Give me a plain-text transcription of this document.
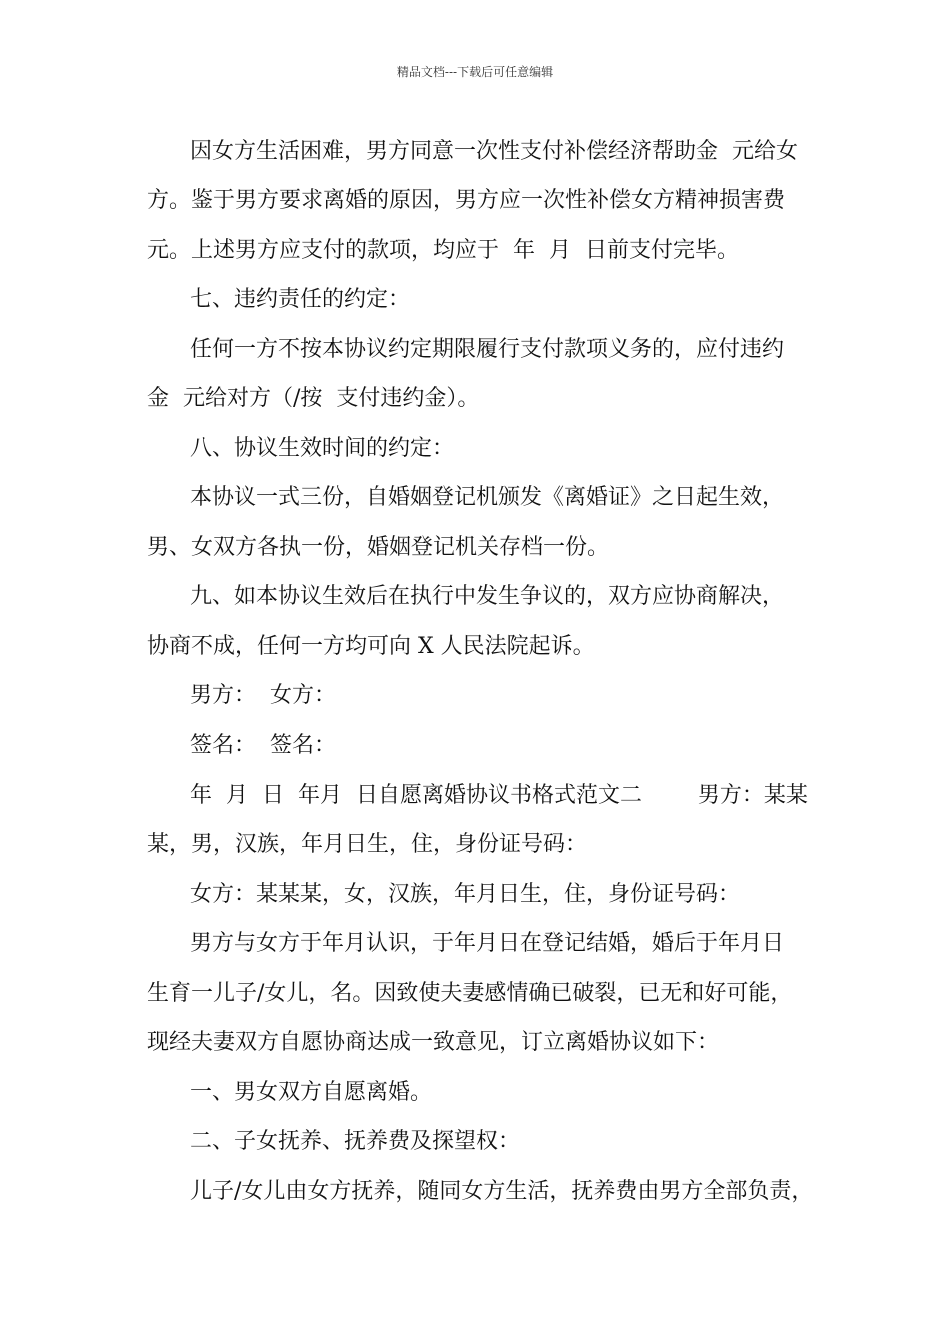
精品文档---下载后可任意编辑
因女方生活困难，男方同意一次性支付补偿经济帮助金  元给女
方。鉴于男方要求离婚的原因，男方应一次性补偿女方精神损害费
元。上述男方应支付的款项，均应于  年  月  日前支付完毕。
七、违约责任的约定：
任何一方不按本协议约定期限履行支付款项义务的，应付违约
金  元给对方（/按  支付违约金）。
八、协议生效时间的约定：
本协议一式三份，自婚姻登记机颁发《离婚证》之日起生效，
男、女双方各执一份，婚姻登记机关存档一份。
九、如本协议生效后在执行中发生争议的，双方应协商解决，
协商不成，任何一方均可向 X 人民法院起诉。
男方：  女方：
签名：  签名：
年  月  日  年月  日自愿离婚协议书格式范文二        男方：某某
某，男，汉族，年月日生，住，身份证号码：
女方：某某某，女，汉族，年月日生，住，身份证号码：
男方与女方于年月认识，于年月日在登记结婚，婚后于年月日
生育一儿子/女儿，名。因致使夫妻感情确已破裂，已无和好可能，
现经夫妻双方自愿协商达成一致意见，订立离婚协议如下：
一、男女双方自愿离婚。
二、子女抚养、抚养费及探望权：
儿子/女儿由女方抚养，随同女方生活，抚养费由男方全部负责，
